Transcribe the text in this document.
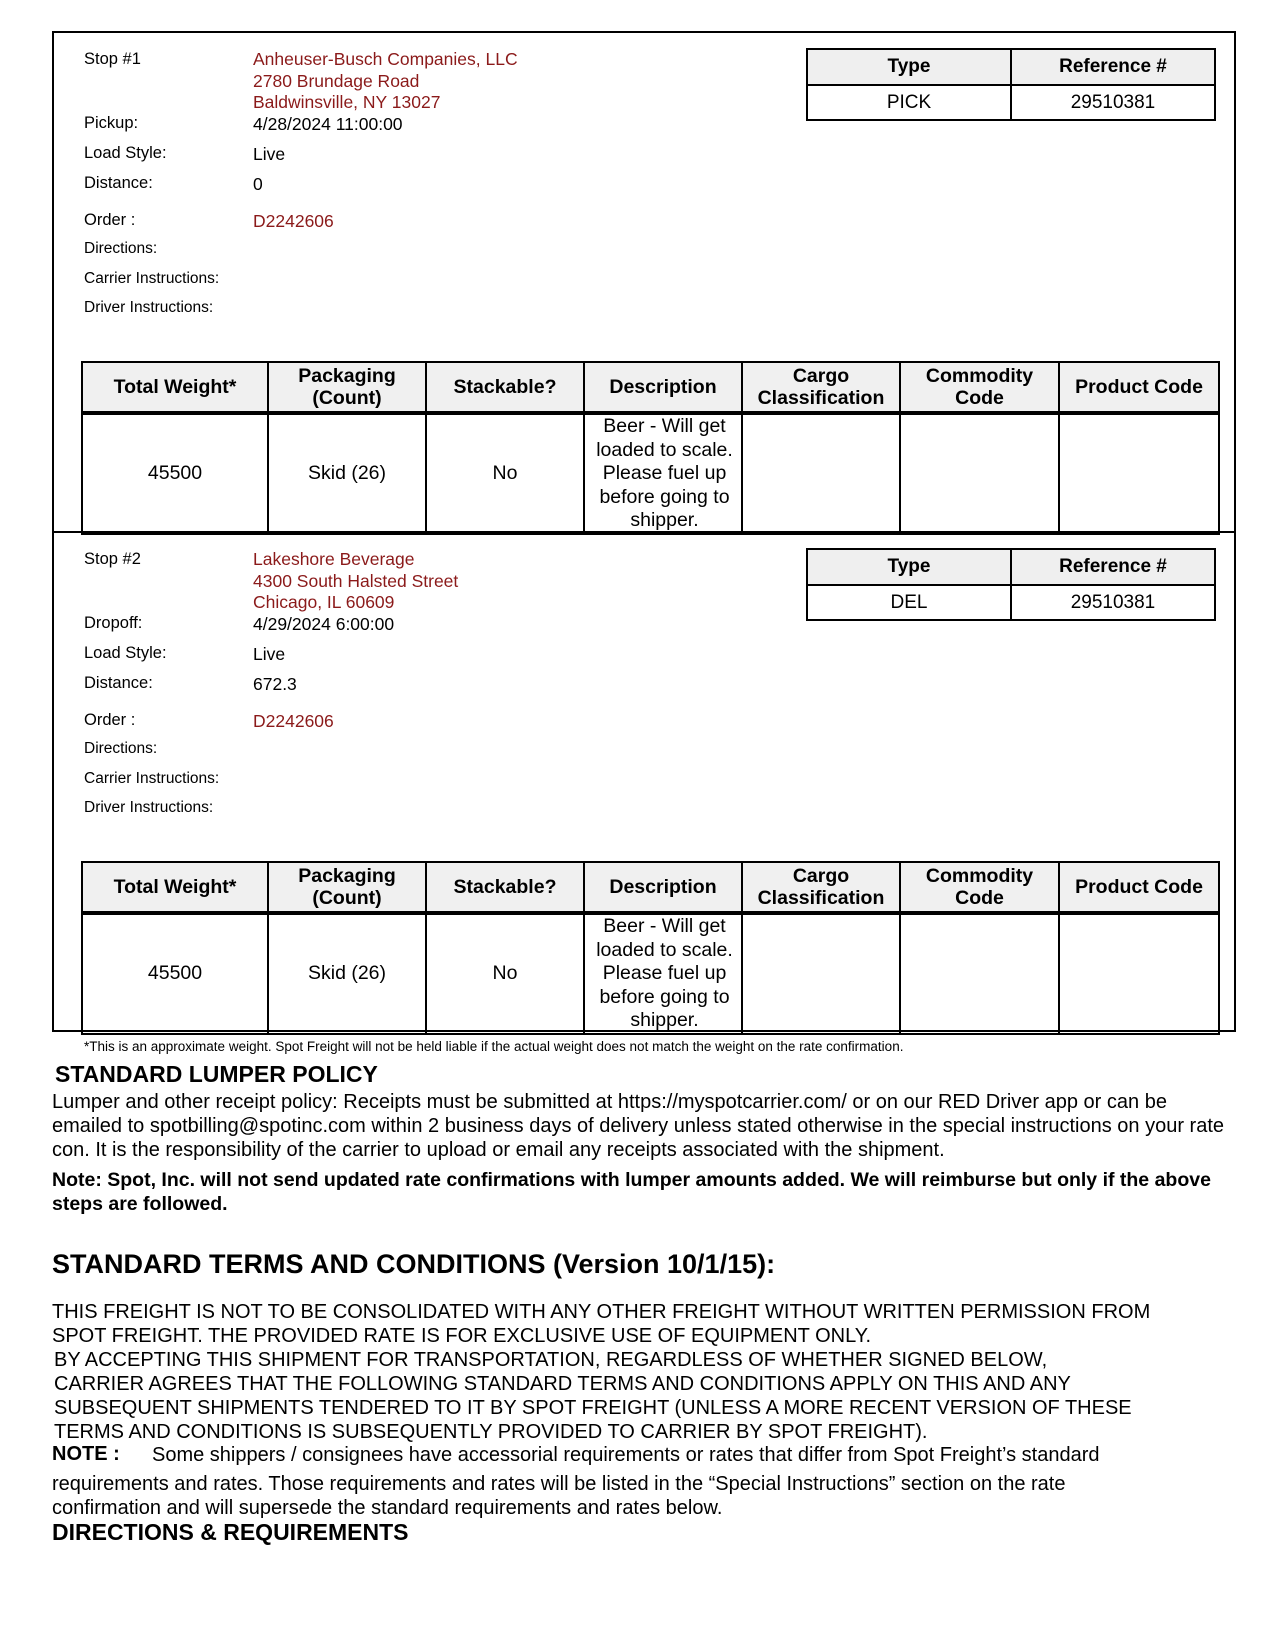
Stop #1	Anheuser-Busch Companies, LLC
2780 Brundage Road
Baldwinsville, NY 13027
Pickup:	4/28/2024 11:00:00
Load Style:	Live
Distance:	0
Order :	D2242606
Directions:
Carrier Instructions:
Driver Instructions:
Type	Reference #
PICK	29510381
Total Weight*	Packaging (Count)	Stackable?	Description	Cargo Classification	Commodity Code	Product Code
45500	Skid (26)	No	Beer - Will get loaded to scale. Please fuel up before going to shipper.			
Stop #2	Lakeshore Beverage
4300 South Halsted Street
Chicago, IL 60609
Dropoff:	4/29/2024 6:00:00
Load Style:	Live
Distance:	672.3
Order :	D2242606
Directions:
Carrier Instructions:
Driver Instructions:
Type	Reference #
DEL	29510381
Total Weight*	Packaging (Count)	Stackable?	Description	Cargo Classification	Commodity Code	Product Code
45500	Skid (26)	No	Beer - Will get loaded to scale. Please fuel up before going to shipper.			
*This is an approximate weight. Spot Freight will not be held liable if the actual weight does not match the weight on the rate confirmation.
STANDARD LUMPER POLICY
Lumper and other receipt policy: Receipts must be submitted at https://myspotcarrier.com/ or on our RED Driver app or can be emailed to spotbilling@spotinc.com within 2 business days of delivery unless stated otherwise in the special instructions on your rate con. It is the responsibility of the carrier to upload or email any receipts associated with the shipment.
Note: Spot, Inc. will not send updated rate confirmations with lumper amounts added. We will reimburse but only if the above steps are followed.
STANDARD TERMS AND CONDITIONS (Version 10/1/15):
THIS FREIGHT IS NOT TO BE CONSOLIDATED WITH ANY OTHER FREIGHT WITHOUT WRITTEN PERMISSION FROM
SPOT FREIGHT. THE PROVIDED RATE IS FOR EXCLUSIVE USE OF EQUIPMENT ONLY.
BY ACCEPTING THIS SHIPMENT FOR TRANSPORTATION, REGARDLESS OF WHETHER SIGNED BELOW,
CARRIER AGREES THAT THE FOLLOWING STANDARD TERMS AND CONDITIONS APPLY ON THIS AND ANY
SUBSEQUENT SHIPMENTS TENDERED TO IT BY SPOT FREIGHT (UNLESS A MORE RECENT VERSION OF THESE
TERMS AND CONDITIONS IS SUBSEQUENTLY PROVIDED TO CARRIER BY SPOT FREIGHT).
NOTE : Some shippers / consignees have accessorial requirements or rates that differ from Spot Freight’s standard
requirements and rates. Those requirements and rates will be listed in the “Special Instructions” section on the rate
confirmation and will supersede the standard requirements and rates below.
DIRECTIONS & REQUIREMENTS
